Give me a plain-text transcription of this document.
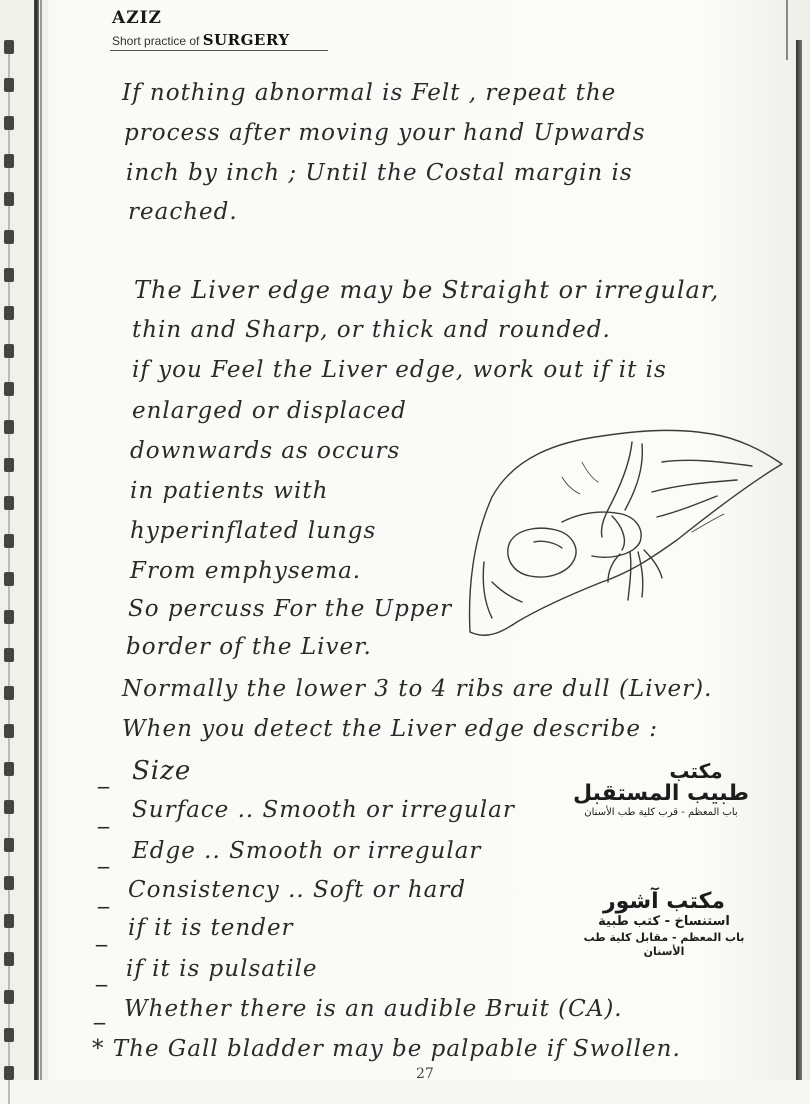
AZIZ
Short practice of SURGERY
If nothing abnormal is Felt , repeat the
process after moving your hand Upwards
inch by inch ; Until the Costal margin is
reached.
The Liver edge may be Straight or irregular,
thin and Sharp, or thick and rounded.
if you Feel the Liver edge, work out if it is
enlarged or displaced
downwards as occurs
in patients with
hyperinflated lungs
From emphysema.
So percuss For the Upper
border of the Liver.
Normally the lower 3 to 4 ribs are dull (Liver).
When you detect the Liver edge describe :
_ Size
_ Surface .. Smooth or irregular
_ Edge .. Smooth or irregular
_ Consistency .. Soft or hard
_ if it is tender
_ if it is pulsatile
_ Whether there is an audible Bruit (CA).
* The Gall bladder may be palpable if Swollen.
مكتب
طبيب المستقبل
باب المعظم - قرب كلية طب الأسنان
مكتب آشور
استنساخ - كتب طبية
باب المعظم - مقابل كلية طب الأسنان
27
